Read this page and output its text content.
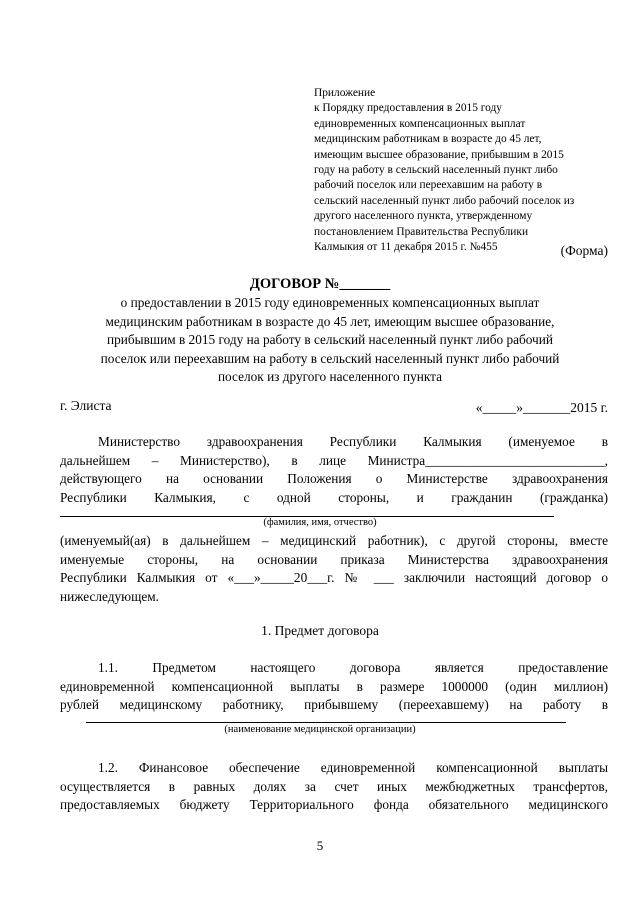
Приложение
к Порядку предоставления в 2015 году
единовременных компенсационных выплат
медицинским работникам в возрасте до 45 лет,
имеющим высшее образование, прибывшим в 2015
году на работу в сельский населенный пункт либо
рабочий поселок или переехавшим на работу в
сельский населенный пункт либо рабочий поселок из
другого населенного пункта, утвержденному
постановлением Правительства Республики
Калмыкия от 11 декабря 2015 г. №455	(Форма)
ДОГОВОР №_______
о предоставлении в 2015 году единовременных компенсационных выплат
медицинским работникам в возрасте до 45 лет, имеющим высшее образование,
прибывшим в 2015 году на работу в сельский населенный пункт либо рабочий
поселок или переехавшим на работу в сельский населенный пункт либо рабочий
поселок из другого населенного пункта
г. Элиста	«_____»_______2015 г.
Министерство здравоохранения Республики Калмыкия (именуемое в
дальнейшем – Министерство), в лице Министра___________________________,
действующего на основании Положения о Министерстве здравоохранения
Республики Калмыкия, с одной стороны, и гражданин (гражданка)
(фамилия, имя, отчество)
(именуемый(ая) в дальнейшем – медицинский работник), с другой стороны, вместе
именуемые стороны, на основании приказа Министерства здравоохранения
Республики Калмыкия от «___»_____20___г. № ___ заключили настоящий договор о
нижеследующем.
1. Предмет договора
1.1. Предметом настоящего договора является предоставление
единовременной компенсационной выплаты в размере 1000000 (один миллион)
рублей медицинскому работнику, прибывшему (переехавшему) на работу в
(наименование медицинской организации)
1.2. Финансовое обеспечение единовременной компенсационной выплаты
осуществляется в равных долях за счет иных межбюджетных трансфертов,
предоставляемых бюджету Территориального фонда обязательного медицинского
5
